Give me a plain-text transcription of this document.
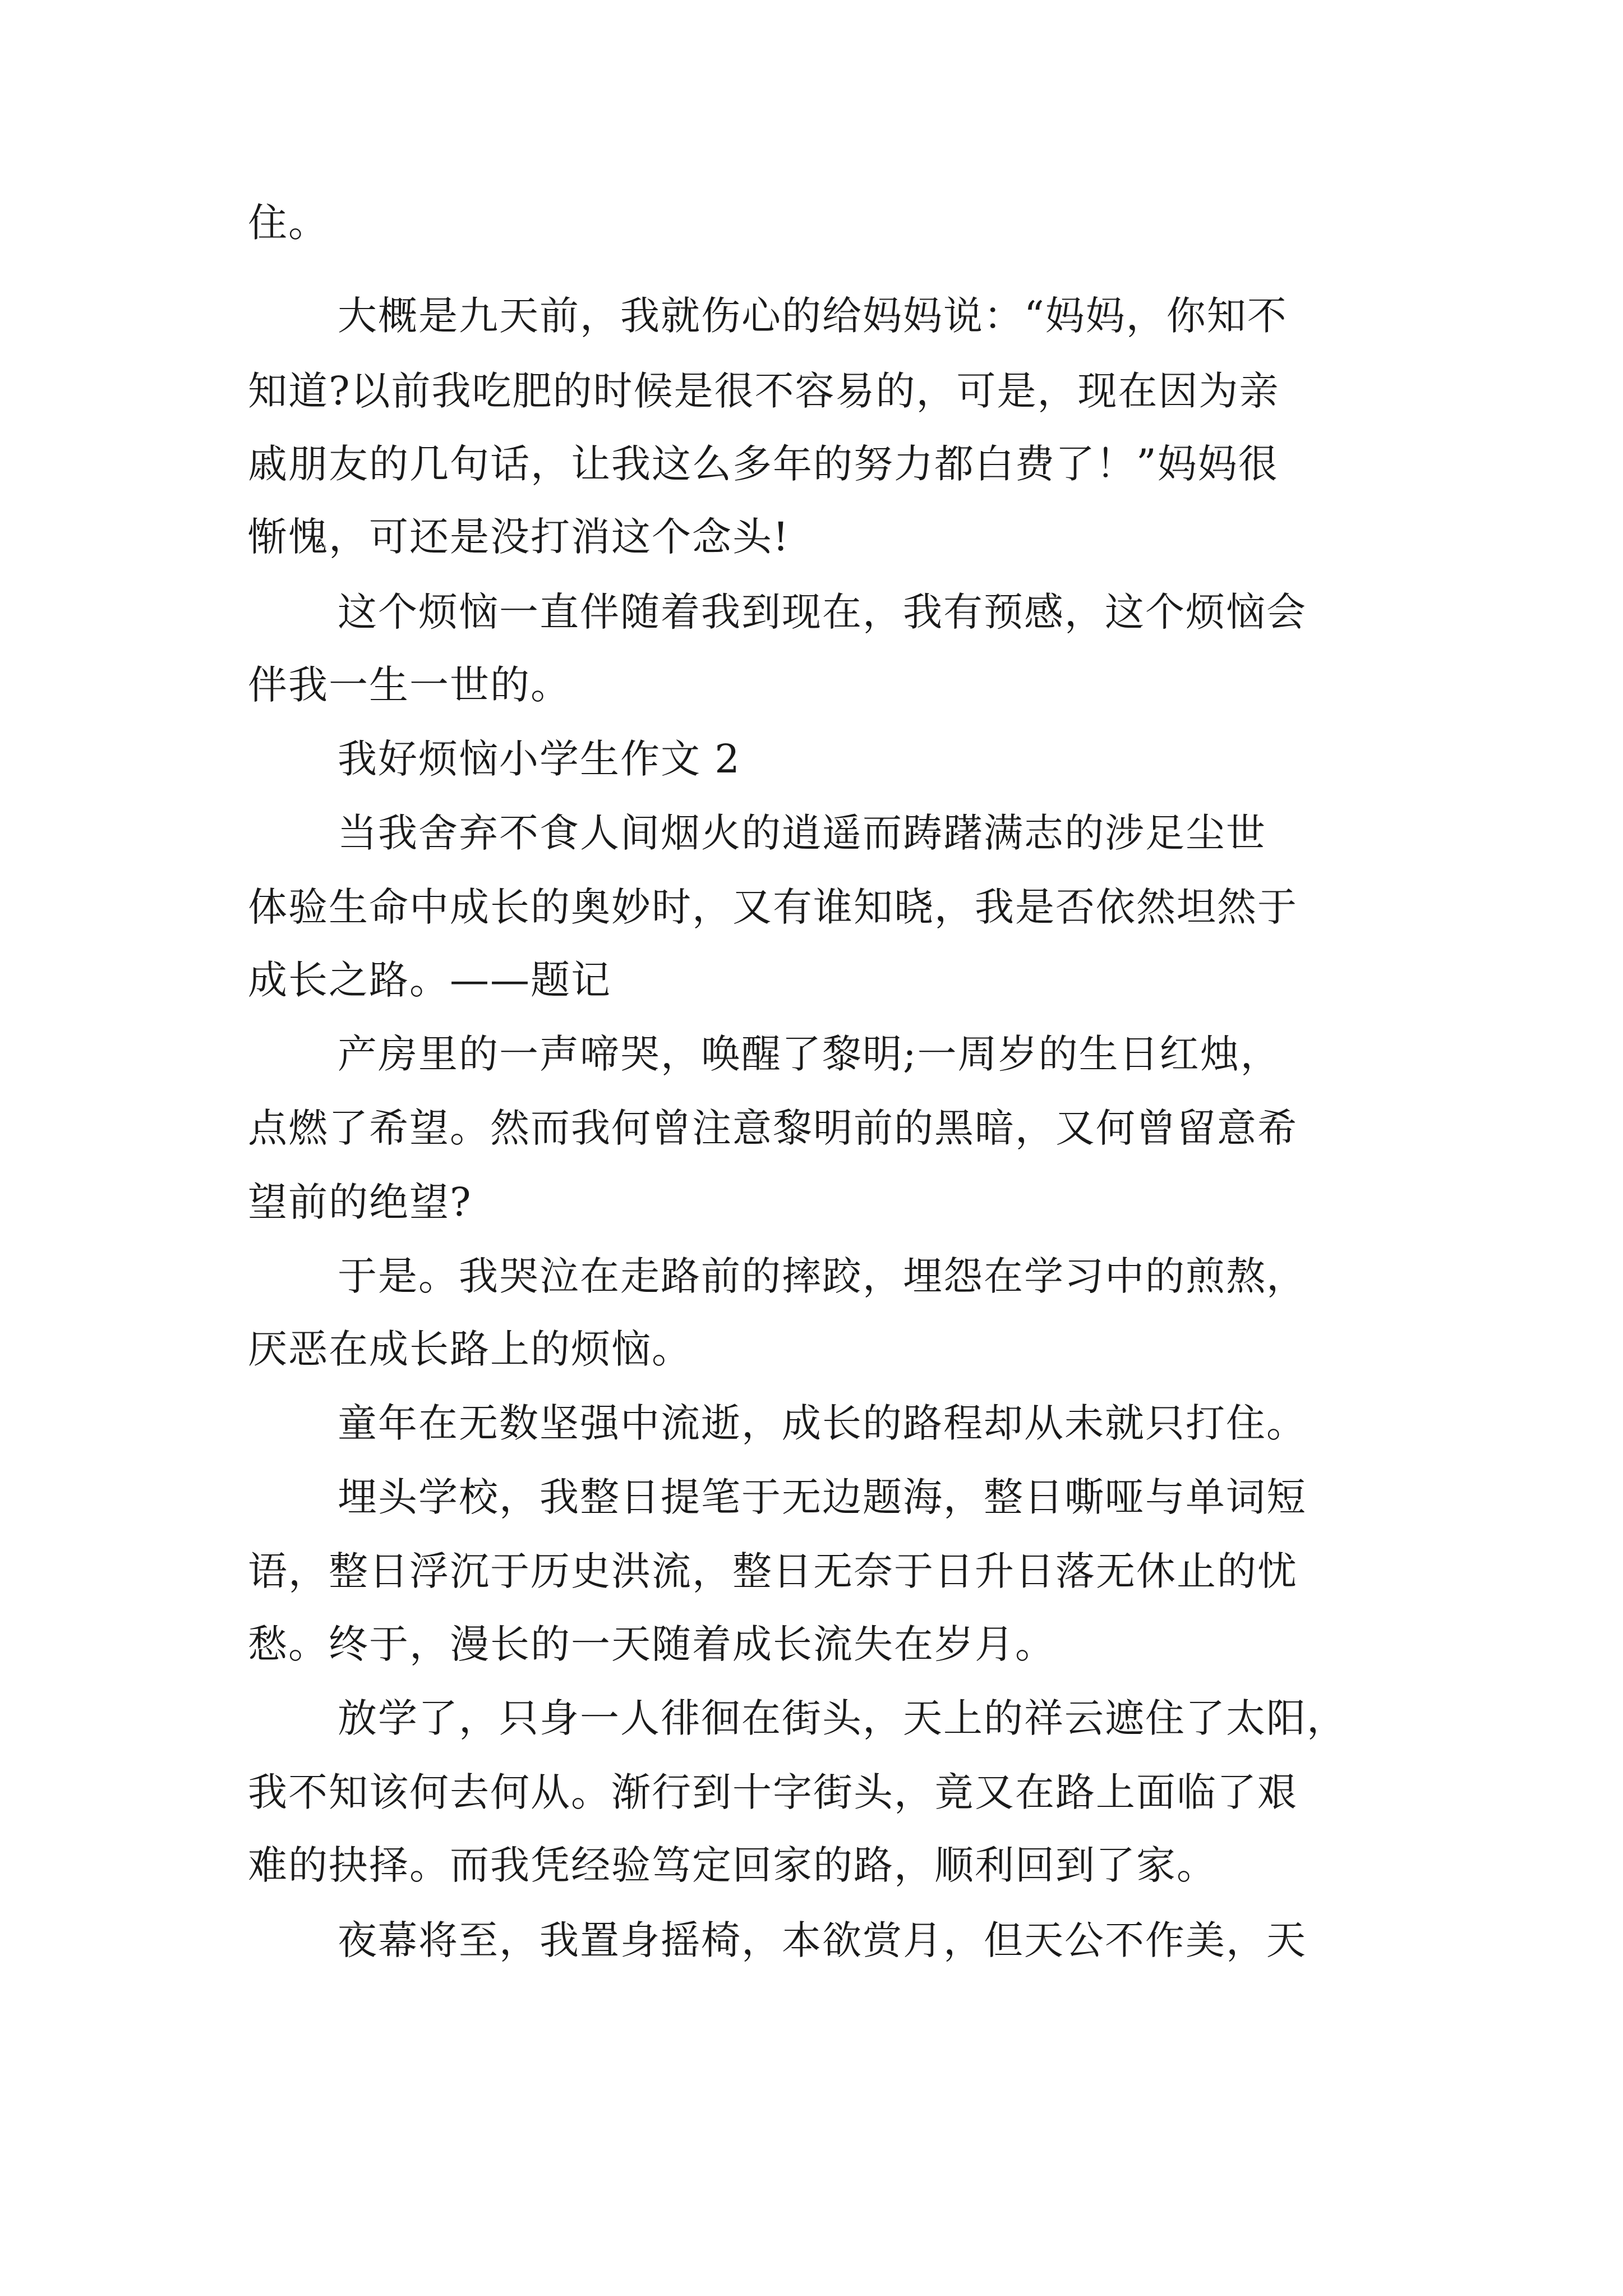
住。
大概是九天前，我就伤心的给妈妈说：“妈妈，你知不
知道?以前我吃肥的时候是很不容易的，可是，现在因为亲
戚朋友的几句话，让我这么多年的努力都白费了！”妈妈很
惭愧，可还是没打消这个念头!
这个烦恼一直伴随着我到现在，我有预感，这个烦恼会
伴我一生一世的。
我好烦恼小学生作文 2
当我舍弃不食人间烟火的逍遥而踌躇满志的涉足尘世
体验生命中成长的奥妙时，又有谁知晓，我是否依然坦然于
成长之路。——题记
产房里的一声啼哭，唤醒了黎明;一周岁的生日红烛，
点燃了希望。然而我何曾注意黎明前的黑暗，又何曾留意希
望前的绝望?
于是。我哭泣在走路前的摔跤，埋怨在学习中的煎熬，
厌恶在成长路上的烦恼。
童年在无数坚强中流逝，成长的路程却从未就只打住。
埋头学校，我整日提笔于无边题海，整日嘶哑与单词短
语，整日浮沉于历史洪流，整日无奈于日升日落无休止的忧
愁。终于，漫长的一天随着成长流失在岁月。
放学了，只身一人徘徊在街头，天上的祥云遮住了太阳，
我不知该何去何从。渐行到十字街头，竟又在路上面临了艰
难的抉择。而我凭经验笃定回家的路，顺利回到了家。
夜幕将至，我置身摇椅，本欲赏月，但天公不作美，天
